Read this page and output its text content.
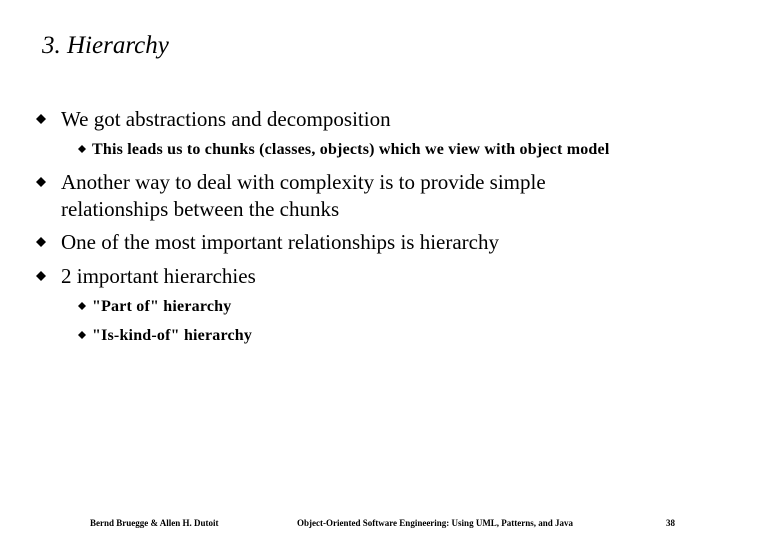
3. Hierarchy
We got abstractions and decomposition
This leads us to chunks (classes, objects) which we view with object model
Another way to deal with complexity is to provide simple relationships between the chunks
One of the most important relationships is hierarchy
2 important hierarchies
"Part of" hierarchy
"Is-kind-of" hierarchy
Bernd Bruegge & Allen H. Dutoit	Object-Oriented Software Engineering: Using UML, Patterns, and Java	38
